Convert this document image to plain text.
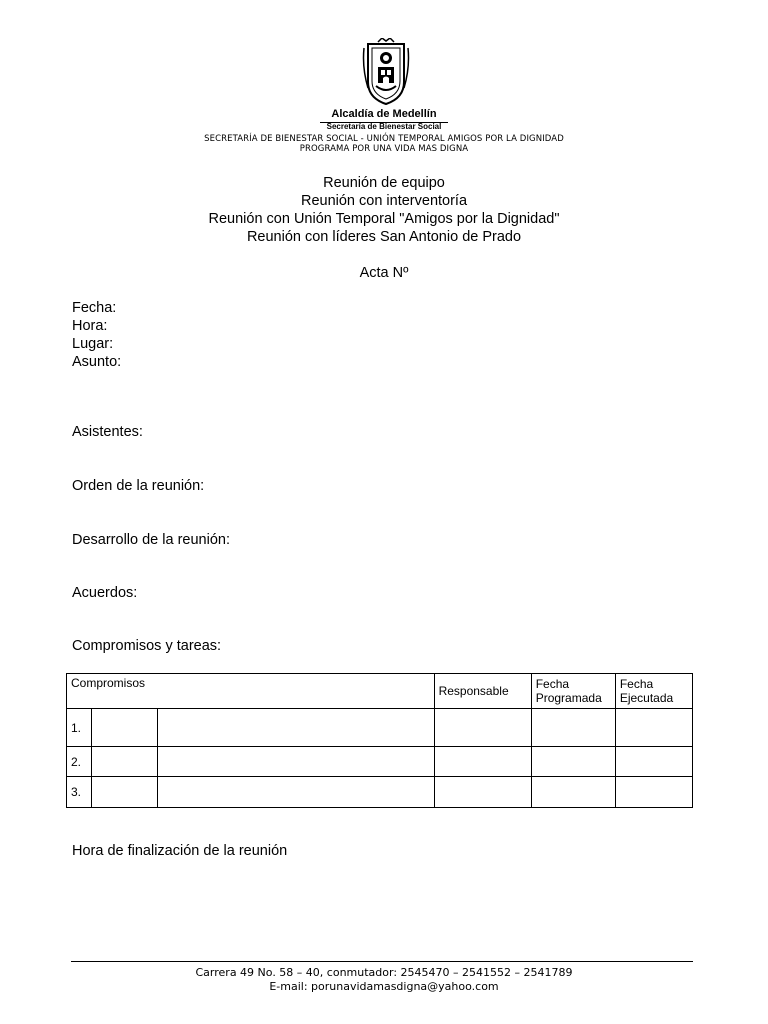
Alcaldía de Medellín
Secretaría de Bienestar Social
SECRETARÍA DE BIENESTAR SOCIAL - UNIÓN TEMPORAL AMIGOS POR LA DIGNIDAD
PROGRAMA POR UNA VIDA MAS DIGNA
Reunión de equipo
Reunión con interventoría
Reunión con Unión Temporal "Amigos por la Dignidad"
Reunión con líderes San Antonio de Prado
Acta Nº
Fecha:
Hora:
Lugar:
Asunto:
Asistentes:
Orden de la reunión:
Desarrollo de la reunión:
Acuerdos:
Compromisos y tareas:
Compromisos			Responsable	Fecha Programada	Fecha Ejecutada
1.					
2.					
3.					
Hora de finalización de la reunión
Carrera 49 No. 58 – 40, conmutador: 2545470 – 2541552 – 2541789
E-mail: porunavidamasdigna@yahoo.com
